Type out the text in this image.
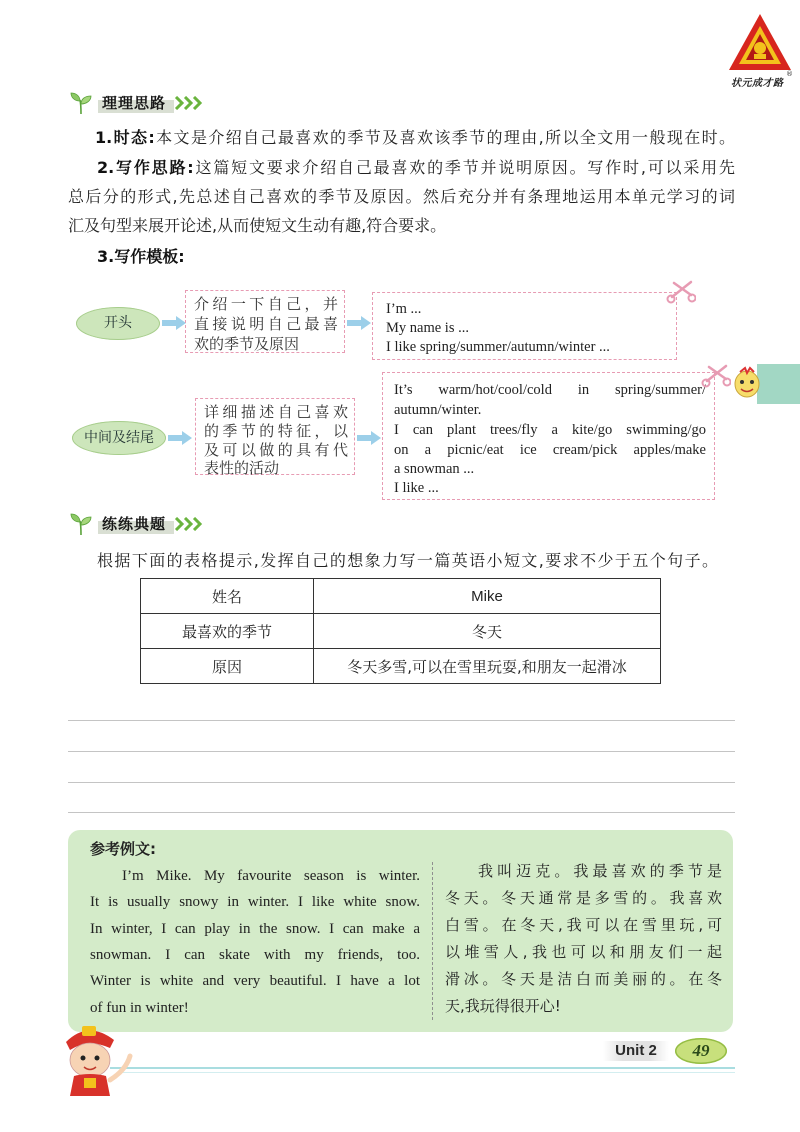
状元成才路
®
理理思路
1.时态:本文是介绍自己最喜欢的季节及喜欢该季节的理由,所以全文用一般现在时。
2.写作思路:这篇短文要求介绍自己最喜欢的季节并说明原因。写作时,可以采用先
总后分的形式,先总述自己喜欢的季节及原因。然后充分并有条理地运用本单元学习的词
汇及句型来展开论述,从而使短文生动有趣,符合要求。
3.写作模板:
开头
介绍一下自己，并
直接说明自己最喜
欢的季节及原因
I’m ...
My name is ...
I like spring/summer/autumn/winter ...
中间及结尾
详细描述自己喜欢
的季节的特征，以
及可以做的具有代
表性的活动
It’s warm/hot/cool/cold in spring/summer/
autumn/winter.
I can plant trees/fly a kite/go swimming/go
on a picnic/eat ice cream/pick apples/make
a snowman ...
I like ...
练练典题
根据下面的表格提示,发挥自己的想象力写一篇英语小短文,要求不少于五个句子。
姓名	Mike
最喜欢的季节	冬天
原因	冬天多雪,可以在雪里玩耍,和朋友一起滑冰
参考例文:
I’m Mike. My favourite season is winter.
It is usually snowy in winter. I like white snow.
In winter, I can play in the snow. I can make a
snowman. I can skate with my friends, too.
Winter is white and very beautiful. I have a lot
of fun in winter!
我叫迈克。我最喜欢的季节是
冬天。冬天通常是多雪的。我喜欢
白雪。在冬天,我可以在雪里玩,可
以堆雪人,我也可以和朋友们一起
滑冰。冬天是洁白而美丽的。在冬
天,我玩得很开心!
Unit 2	49
